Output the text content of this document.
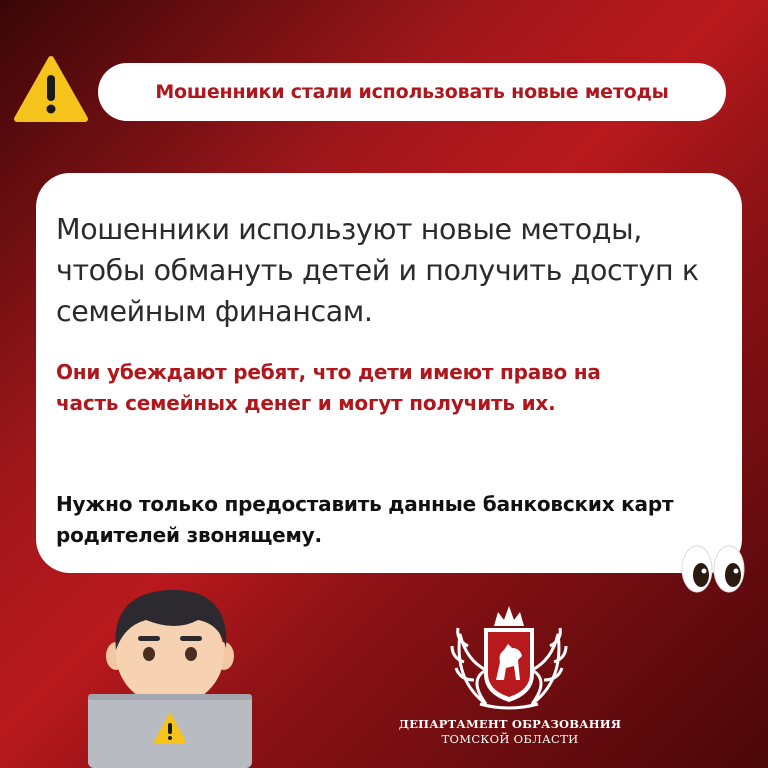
Мошенники стали использовать новые методы
Мошенники используют новые методы, чтобы обмануть детей и получить доступ к семейным финансам.
Они убеждают ребят, что дети имеют право на часть семейных денег и могут получить их.
Нужно только предоставить данные банковских карт родителей звонящему.
ДЕПАРТАМЕНТ ОБРАЗОВАНИЯ
ТОМСКОЙ ОБЛАСТИ
